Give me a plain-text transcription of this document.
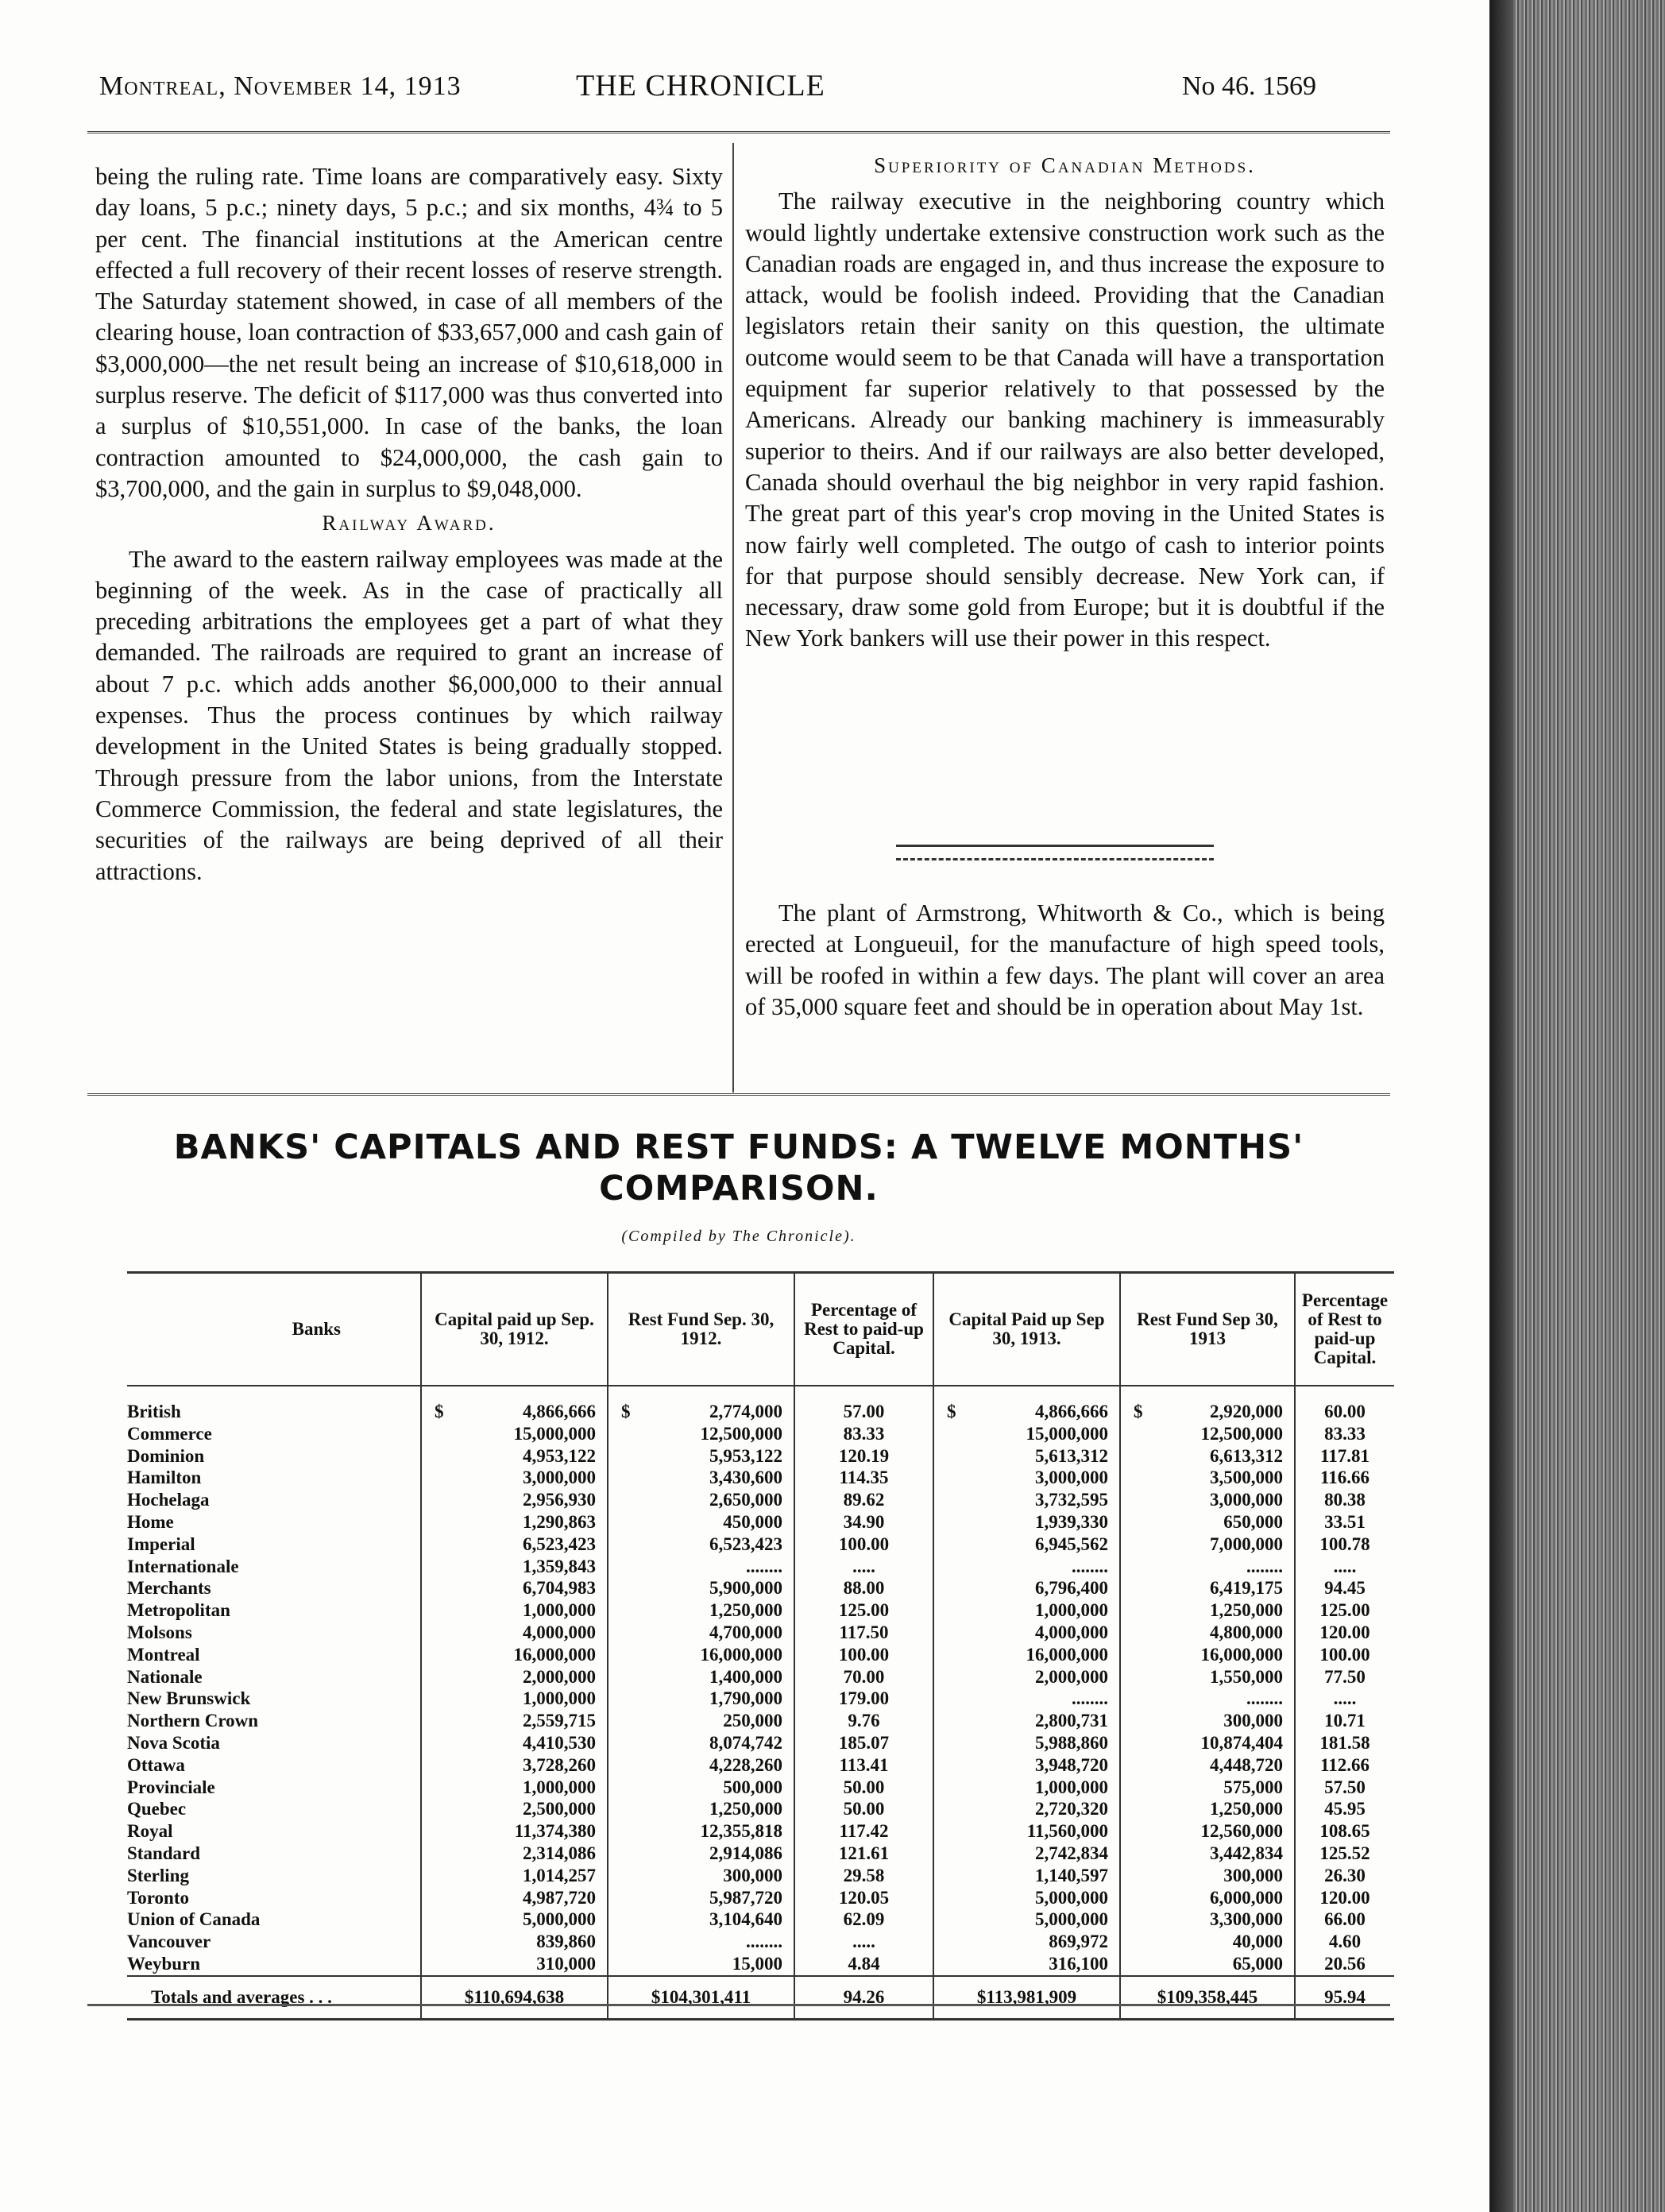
Montreal, November 14, 1913	THE CHRONICLE	No 46. 1569

being the ruling rate. Time loans are comparatively easy. Sixty day loans, 5 p.c.; ninety days, 5 p.c.; and six months, 4¾ to 5 per cent. The financial institutions at the American centre effected a full recovery of their recent losses of reserve strength. The Saturday statement showed, in case of all members of the clearing house, loan contraction of $33,657,000 and cash gain of $3,000,000—the net result being an increase of $10,618,000 in surplus reserve. The deficit of $117,000 was thus converted into a surplus of $10,551,000. In case of the banks, the loan contraction amounted to $24,000,000, the cash gain to $3,700,000, and the gain in surplus to $9,048,000.

Railway Award.

The award to the eastern railway employees was made at the beginning of the week. As in the case of practically all preceding arbitrations the employees get a part of what they demanded. The railroads are required to grant an increase of about 7 p.c. which adds another $6,000,000 to their annual expenses. Thus the process continues by which railway development in the United States is being gradually stopped. Through pressure from the labor unions, from the Interstate Commerce Commission, the federal and state legislatures, the securities of the railways are being deprived of all their attractions.

Superiority of Canadian Methods.

The railway executive in the neighboring country which would lightly undertake extensive construction work such as the Canadian roads are engaged in, and thus increase the exposure to attack, would be foolish indeed. Providing that the Canadian legislators retain their sanity on this question, the ultimate outcome would seem to be that Canada will have a transportation equipment far superior relatively to that possessed by the Americans. Already our banking machinery is immeasurably superior to theirs. And if our railways are also better developed, Canada should overhaul the big neighbor in very rapid fashion. The great part of this year's crop moving in the United States is now fairly well completed. The outgo of cash to interior points for that purpose should sensibly decrease. New York can, if necessary, draw some gold from Europe; but it is doubtful if the New York bankers will use their power in this respect.

The plant of Armstrong, Whitworth & Co., which is being erected at Longueuil, for the manufacture of high speed tools, will be roofed in within a few days. The plant will cover an area of 35,000 square feet and should be in operation about May 1st.

BANKS' CAPITALS AND REST FUNDS: A TWELVE MONTHS' COMPARISON.
(Compiled by The Chronicle).
Banks	Capital paid up Sep. 30, 1912.	Rest Fund Sep. 30, 1912.	Percentage of Rest to paid-up Capital.	Capital Paid up Sep 30, 1913.	Rest Fund Sep 30, 1913	Percentage of Rest to paid-up Capital.
British	$ 4,866,666	$ 2,774,000	57.00	$ 4,866,666	$ 2,920,000	60.00
Commerce	15,000,000	12,500,000	83.33	15,000,000	12,500,000	83.33
Dominion	4,953,122	5,953,122	120.19	5,613,312	6,613,312	117.81
Hamilton	3,000,000	3,430,600	114.35	3,000,000	3,500,000	116.66
Hochelaga	2,956,930	2,650,000	89.62	3,732,595	3,000,000	80.38
Home	1,290,863	450,000	34.90	1,939,330	650,000	33.51
Imperial	6,523,423	6,523,423	100.00	6,945,562	7,000,000	100.78
Internationale	1,359,843	........	.....	........	........	.....
Merchants	6,704,983	5,900,000	88.00	6,796,400	6,419,175	94.45
Metropolitan	1,000,000	1,250,000	125.00	1,000,000	1,250,000	125.00
Molsons	4,000,000	4,700,000	117.50	4,000,000	4,800,000	120.00
Montreal	16,000,000	16,000,000	100.00	16,000,000	16,000,000	100.00
Nationale	2,000,000	1,400,000	70.00	2,000,000	1,550,000	77.50
New Brunswick	1,000,000	1,790,000	179.00	........	........	.....
Northern Crown	2,559,715	250,000	9.76	2,800,731	300,000	10.71
Nova Scotia	4,410,530	8,074,742	185.07	5,988,860	10,874,404	181.58
Ottawa	3,728,260	4,228,260	113.41	3,948,720	4,448,720	112.66
Provinciale	1,000,000	500,000	50.00	1,000,000	575,000	57.50
Quebec	2,500,000	1,250,000	50.00	2,720,320	1,250,000	45.95
Royal	11,374,380	12,355,818	117.42	11,560,000	12,560,000	108.65
Standard	2,314,086	2,914,086	121.61	2,742,834	3,442,834	125.52
Sterling	1,014,257	300,000	29.58	1,140,597	300,000	26.30
Toronto	4,987,720	5,987,720	120.05	5,000,000	6,000,000	120.00
Union of Canada	5,000,000	3,104,640	62.09	5,000,000	3,300,000	66.00
Vancouver	839,860	........	.....	869,972	40,000	4.60
Weyburn	310,000	15,000	4.84	316,100	65,000	20.56
Totals and averages . . .	$110,694,638	$104,301,411	94.26	$113,981,909	$109,358,445	95.94
